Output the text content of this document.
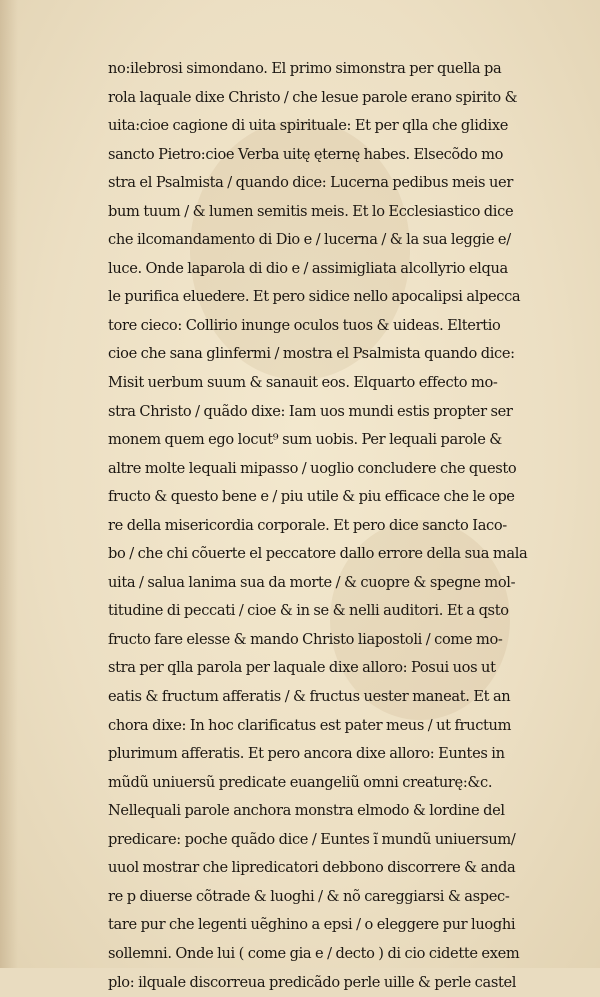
no:ilebrosi simondano. El primo simonstra per quella pa
rola laquale dixe Christo / che lesue parole erano spirito &
uita:cioe cagione di uita spirituale: Et per qlla che glidixe
sancto Pietro:cioe Verba uitę ęternę habes. Elsecõdo mo
stra el Psalmista / quando dice: Lucerna pedibus meis uer
bum tuum / & lumen semitis meis. Et lo Ecclesiastico dice
che ilcomandamento di Dio e / lucerna / & la sua leggie e/
luce. Onde laparola di dio e / assimigliata alcollyrio elqua
le purifica eluedere. Et pero sidice nello apocalipsi alpecca
tore cieco: Collirio inunge oculos tuos & uideas. Eltertio
cioe che sana glinfermi / mostra el Psalmista quando dice:
Misit uerbum suum & sanauit eos. Elquarto effecto mo-
stra Christo / quãdo dixe: Iam uos mundi estis propter ser
monem quem ego locut⁹ sum uobis. Per lequali parole &
altre molte lequali mipasso / uoglio concludere che questo
fructo & questo bene e / piu utile & piu efficace che le ope
re della misericordia corporale. Et pero dice sancto Iaco-
bo / che chi cõuerte el peccatore dallo errore della sua mala
uita / salua lanima sua da morte / & cuopre & spegne mol-
titudine di peccati / cioe & in se & nelli auditori. Et a qsto
fructo fare elesse & mando Christo liapostoli / come mo-
stra per qlla parola per laquale dixe alloro: Posui uos ut
eatis & fructum afferatis / & fructus uester maneat. Et an
chora dixe: In hoc clarificatus est pater meus / ut fructum
plurimum afferatis. Et pero ancora dixe alloro: Euntes in
mũdũ uniuersũ predicate euangeliũ omni creaturę:&c.
Nellequali parole anchora monstra elmodo & lordine del
predicare: poche quãdo dice / Euntes ĩ mundũ uniuersum/
uuol mostrar che lipredicatori debbono discorrere & anda
re p diuerse cõtrade & luoghi / & nõ careggiarsi & aspec-
tare pur che legenti uẽghino a epsi / o eleggere pur luoghi
sollemni. Onde lui ( come gia e / decto ) di cio cidette exem
plo: ilquale discorreua predicãdo perle uille & perle castel
